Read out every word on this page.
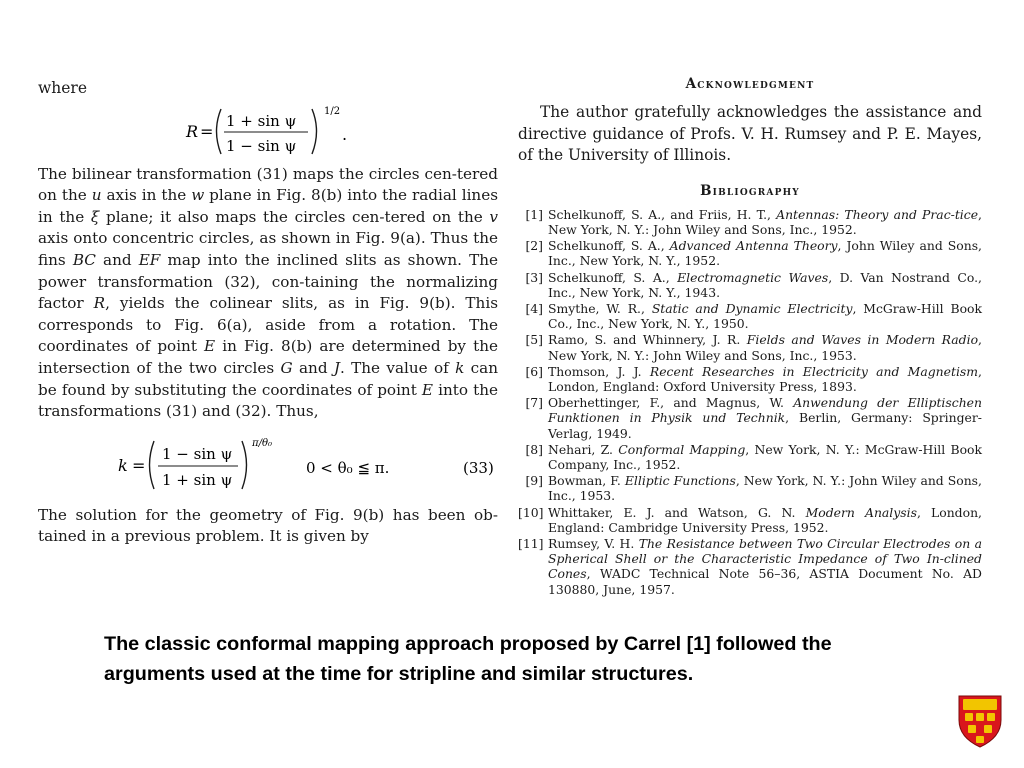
where
R =
1 + sin ψ
1 − sin ψ
1/2
.

The bilinear transformation (31) maps the circles cen-tered on the u axis in the w plane in Fig. 8(b) into the radial lines in the ξ plane; it also maps the circles cen-tered on the v axis onto concentric circles, as shown in Fig. 9(a). Thus the fins BC and EF map into the inclined slits as shown. The power transformation (32), con-taining the normalizing factor R, yields the colinear slits, as in Fig. 9(b). This corresponds to Fig. 6(a), aside from a rotation. The coordinates of point E in Fig. 8(b) are determined by the intersection of the two circles G and J. The value of k can be found by substituting the coordinates of point E into the transformations (31) and (32). Thus,

k =
1 − sin ψ
1 + sin ψ
π/θ₀
0 < θ₀ ≦ π.	(33)

The solution for the geometry of Fig. 9(b) has been ob-tained in a previous problem. It is given by

Acknowledgment

The author gratefully acknowledges the assistance and directive guidance of Profs. V. H. Rumsey and P. E. Mayes, of the University of Illinois.

Bibliography
[1] Schelkunoff, S. A., and Friis, H. T., Antennas: Theory and Prac-tice, New York, N. Y.: John Wiley and Sons, Inc., 1952.
[2] Schelkunoff, S. A., Advanced Antenna Theory, John Wiley and Sons, Inc., New York, N. Y., 1952.
[3] Schelkunoff, S. A., Electromagnetic Waves, D. Van Nostrand Co., Inc., New York, N. Y., 1943.
[4] Smythe, W. R., Static and Dynamic Electricity, McGraw-Hill Book Co., Inc., New York, N. Y., 1950.
[5] Ramo, S. and Whinnery, J. R. Fields and Waves in Modern Radio, New York, N. Y.: John Wiley and Sons, Inc., 1953.
[6] Thomson, J. J. Recent Researches in Electricity and Magnetism, London, England: Oxford University Press, 1893.
[7] Oberhettinger, F., and Magnus, W. Anwendung der Elliptischen Funktionen in Physik und Technik, Berlin, Germany: Springer-Verlag, 1949.
[8] Nehari, Z. Conformal Mapping, New York, N. Y.: McGraw-Hill Book Company, Inc., 1952.
[9] Bowman, F. Elliptic Functions, New York, N. Y.: John Wiley and Sons, Inc., 1953.
[10] Whittaker, E. J. and Watson, G. N. Modern Analysis, London, England: Cambridge University Press, 1952.
[11] Rumsey, V. H. The Resistance between Two Circular Electrodes on a Spherical Shell or the Characteristic Impedance of Two In-clined Cones, WADC Technical Note 56–36, ASTIA Document No. AD 130880, June, 1957.
The classic conformal mapping approach proposed by Carrel [1] followed the arguments used at the time for stripline and similar structures.
